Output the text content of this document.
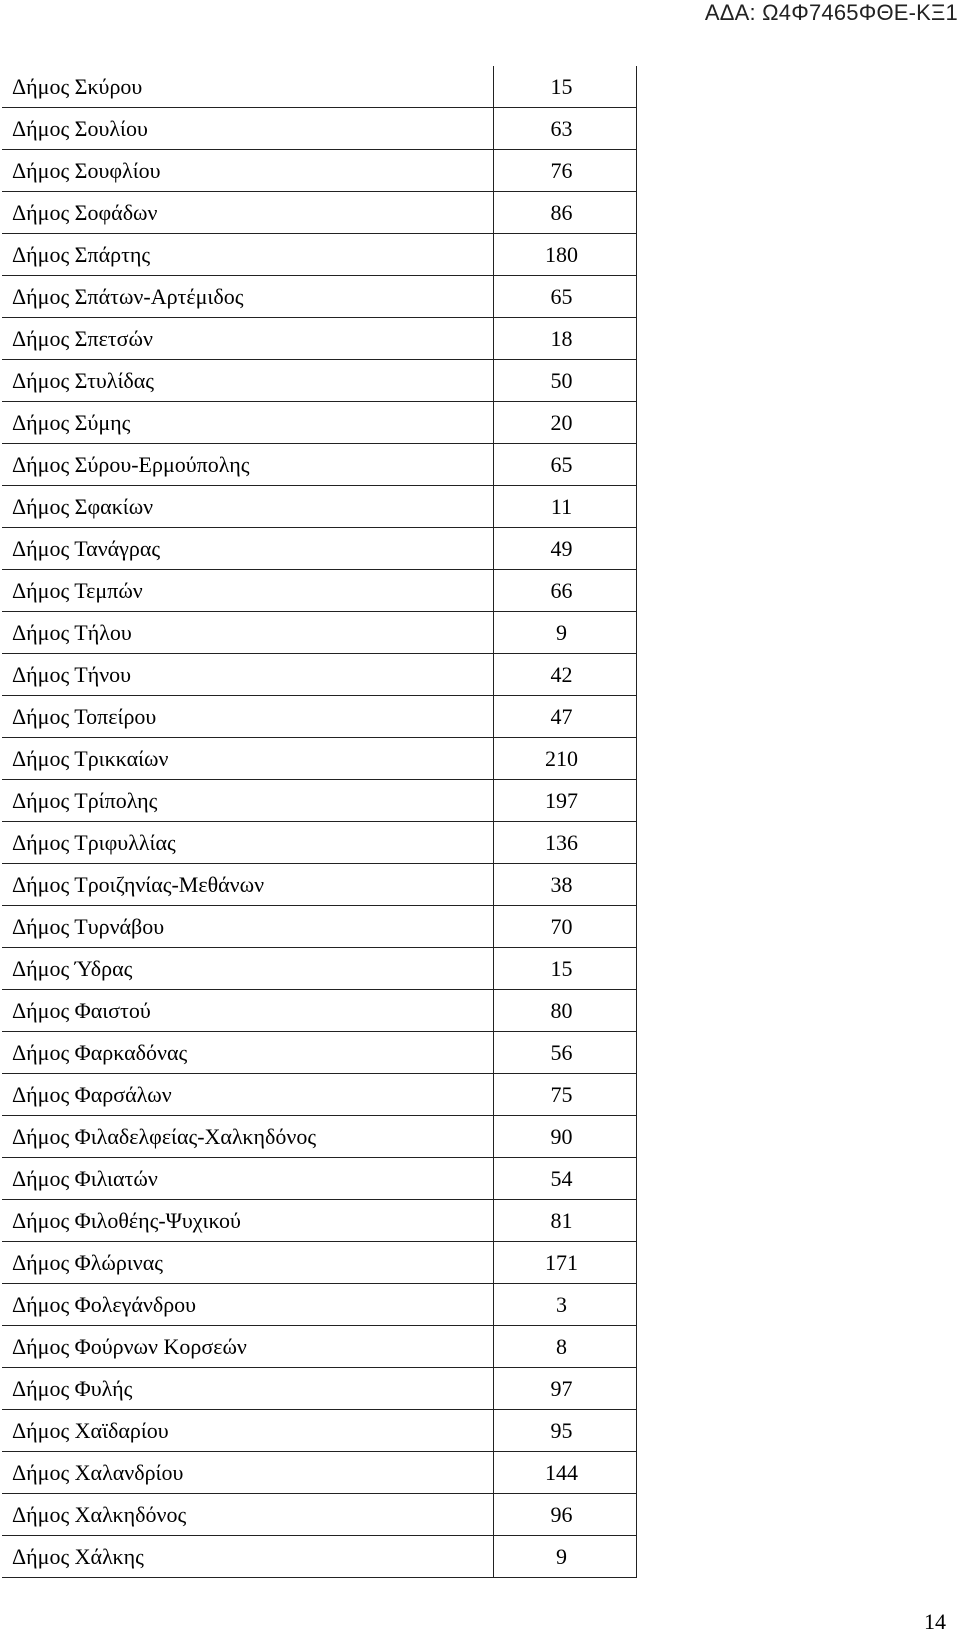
ΑΔΑ: Ω4Φ7465ΦΘΕ-ΚΞ1
Δήμος Σκύρου	15
Δήμος Σουλίου	63
Δήμος Σουφλίου	76
Δήμος Σοφάδων	86
Δήμος Σπάρτης	180
Δήμος Σπάτων-Αρτέμιδος	65
Δήμος Σπετσών	18
Δήμος Στυλίδας	50
Δήμος Σύμης	20
Δήμος Σύρου-Ερμούπολης	65
Δήμος Σφακίων	11
Δήμος Τανάγρας	49
Δήμος Τεμπών	66
Δήμος Τήλου	9
Δήμος Τήνου	42
Δήμος Τοπείρου	47
Δήμος Τρικκαίων	210
Δήμος Τρίπολης	197
Δήμος Τριφυλλίας	136
Δήμος Τροιζηνίας-Μεθάνων	38
Δήμος Τυρνάβου	70
Δήμος Ύδρας	15
Δήμος Φαιστού	80
Δήμος Φαρκαδόνας	56
Δήμος Φαρσάλων	75
Δήμος Φιλαδελφείας-Χαλκηδόνος	90
Δήμος Φιλιατών	54
Δήμος Φιλοθέης-Ψυχικού	81
Δήμος Φλώρινας	171
Δήμος Φολεγάνδρου	3
Δήμος Φούρνων Κορσεών	8
Δήμος Φυλής	97
Δήμος Χαϊδαρίου	95
Δήμος Χαλανδρίου	144
Δήμος Χαλκηδόνος	96
Δήμος Χάλκης	9
14
